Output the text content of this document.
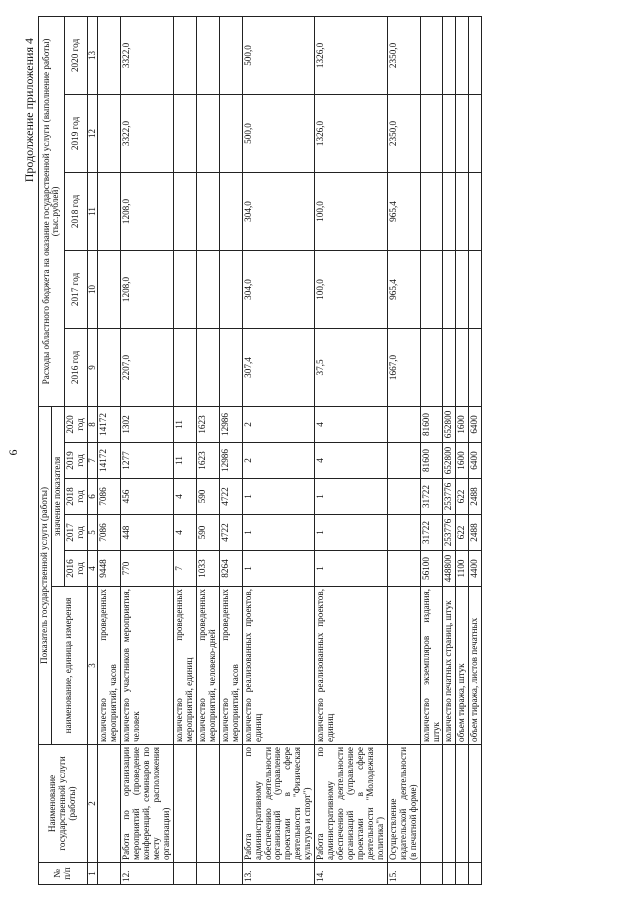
6
Продолжение приложения 4
№ п/п	Наименование государственной услуги (работы)	Показатель государственной услуги (работы)						Расходы областного бюджета на оказание государственной услуги (выполнение работы) (тыс.рублей)				
		наименование, единица измерения	значение показателя									
			2016 год	2017 год	2018 год	2019 год	2020 год	2016 год	2017 год	2018 год	2019 год	2020 год
1	2	3	4	5	6	7	8	9	10	11	12	13
		количество проведенных мероприятий, часов	9448	7086	7086	14172	14172					
12.	Работа по организации мероприятий (проведение конференций, семинаров по месту расположения организации)	количество участников мероприятия, человек	770	448	456	1277	1302	2207,0	1208,0	1208,0	3322,0	3322,0
		количество проведенных мероприятий, единиц	7	4	4	11	11					
		количество проведенных мероприятий, человеко-дней	1033	590	590	1623	1623					
		количество проведенных мероприятий, часов	8264	4722	4722	12986	12986					
13.	Работа по административному обеспечению деятельности организаций (управление проектами в сфере деятельности "Физическая культура и спорт")	количество реализованных проектов, единиц	1	1	1	2	2	307,4	304,0	304,0	500,0	500,0
14.	Работа по административному обеспечению деятельности организаций (управление проектами в сфере деятельности "Молодежная политика")	количество реализованных проектов, единиц	1	1	1	4	4	37,5	100,0	100,0	1326,0	1326,0
15.	Осуществление издательской деятельности (в печатной форме)							1667,0	965,4	965,4	2350,0	2350,0
		количество экземпляров издания, штук	56100	31722	31722	81600	81600					
		количество печатных страниц, штук	448800	253776	253776	652800	652800					
		объем тиража, штук	1100	622	622	1600	1600					
		объем тиража, листов печатных	4400	2488	2488	6400	6400					
